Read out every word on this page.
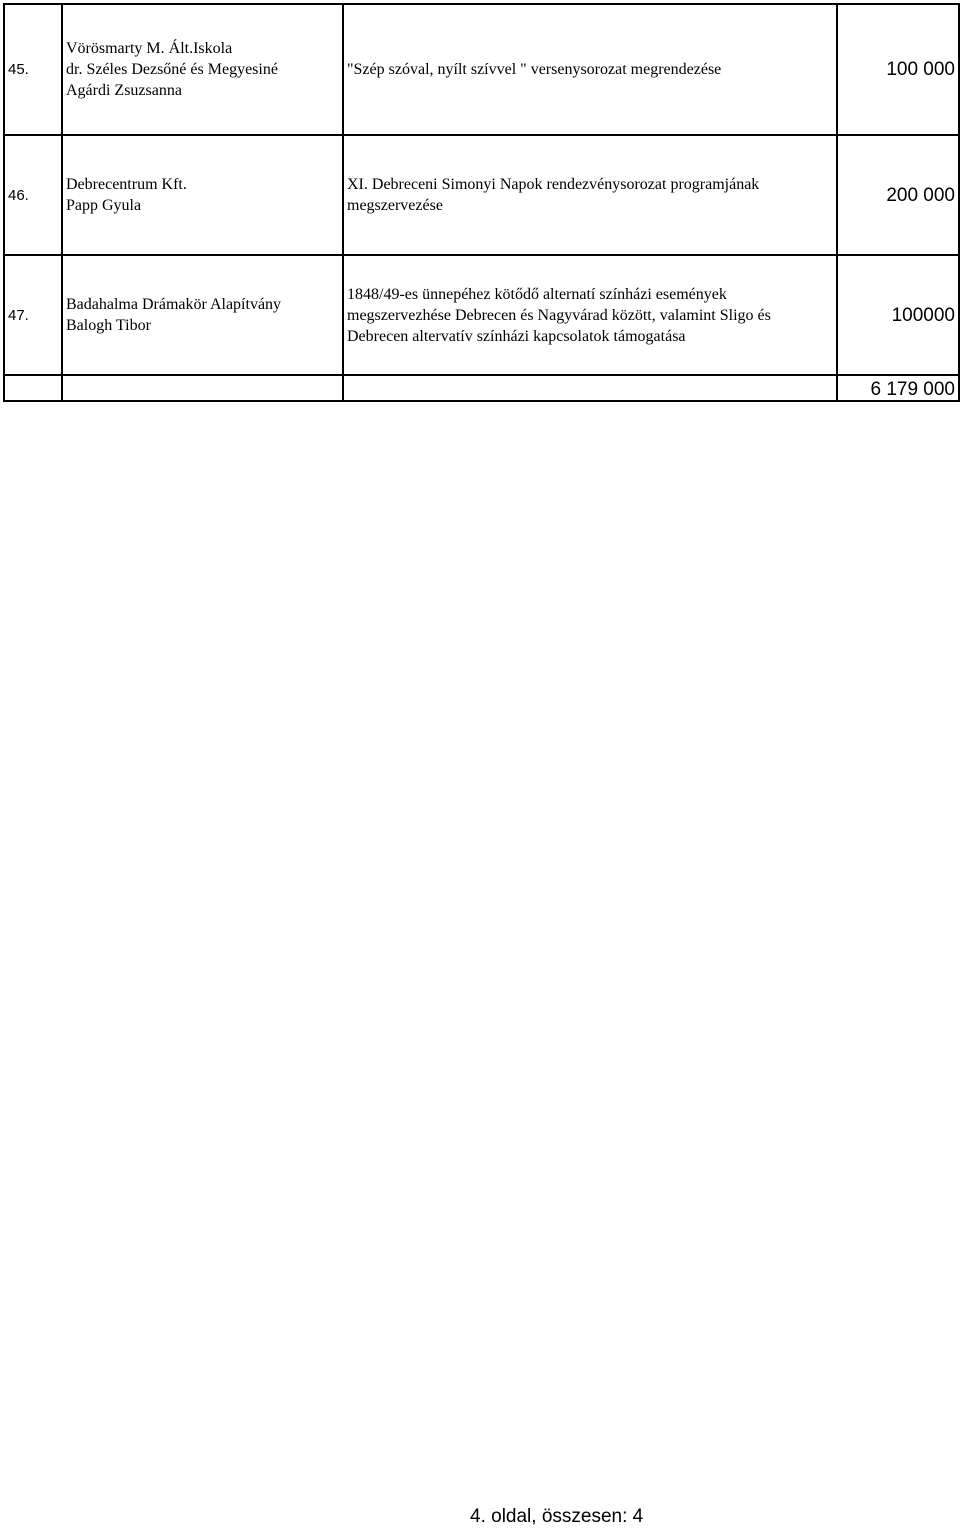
45.	Vörösmarty M. Ált.Iskola
dr. Széles Dezsőné és Megyesiné
Agárdi Zsuzsanna	"Szép szóval, nyílt szívvel " versenysorozat megrendezése	100 000
46.	Debrecentrum Kft.
Papp Gyula	XI. Debreceni Simonyi Napok rendezvénysorozat programjának
megszervezése	200 000
47.	Badahalma Drámakör Alapítvány
Balogh Tibor	1848/49-es ünnepéhez kötődő alternatí színházi események
megszervezhése Debrecen és Nagyvárad között, valamint Sligo és
Debrecen altervatív színházi kapcsolatok támogatása	100000
			6 179 000
4. oldal, összesen: 4
